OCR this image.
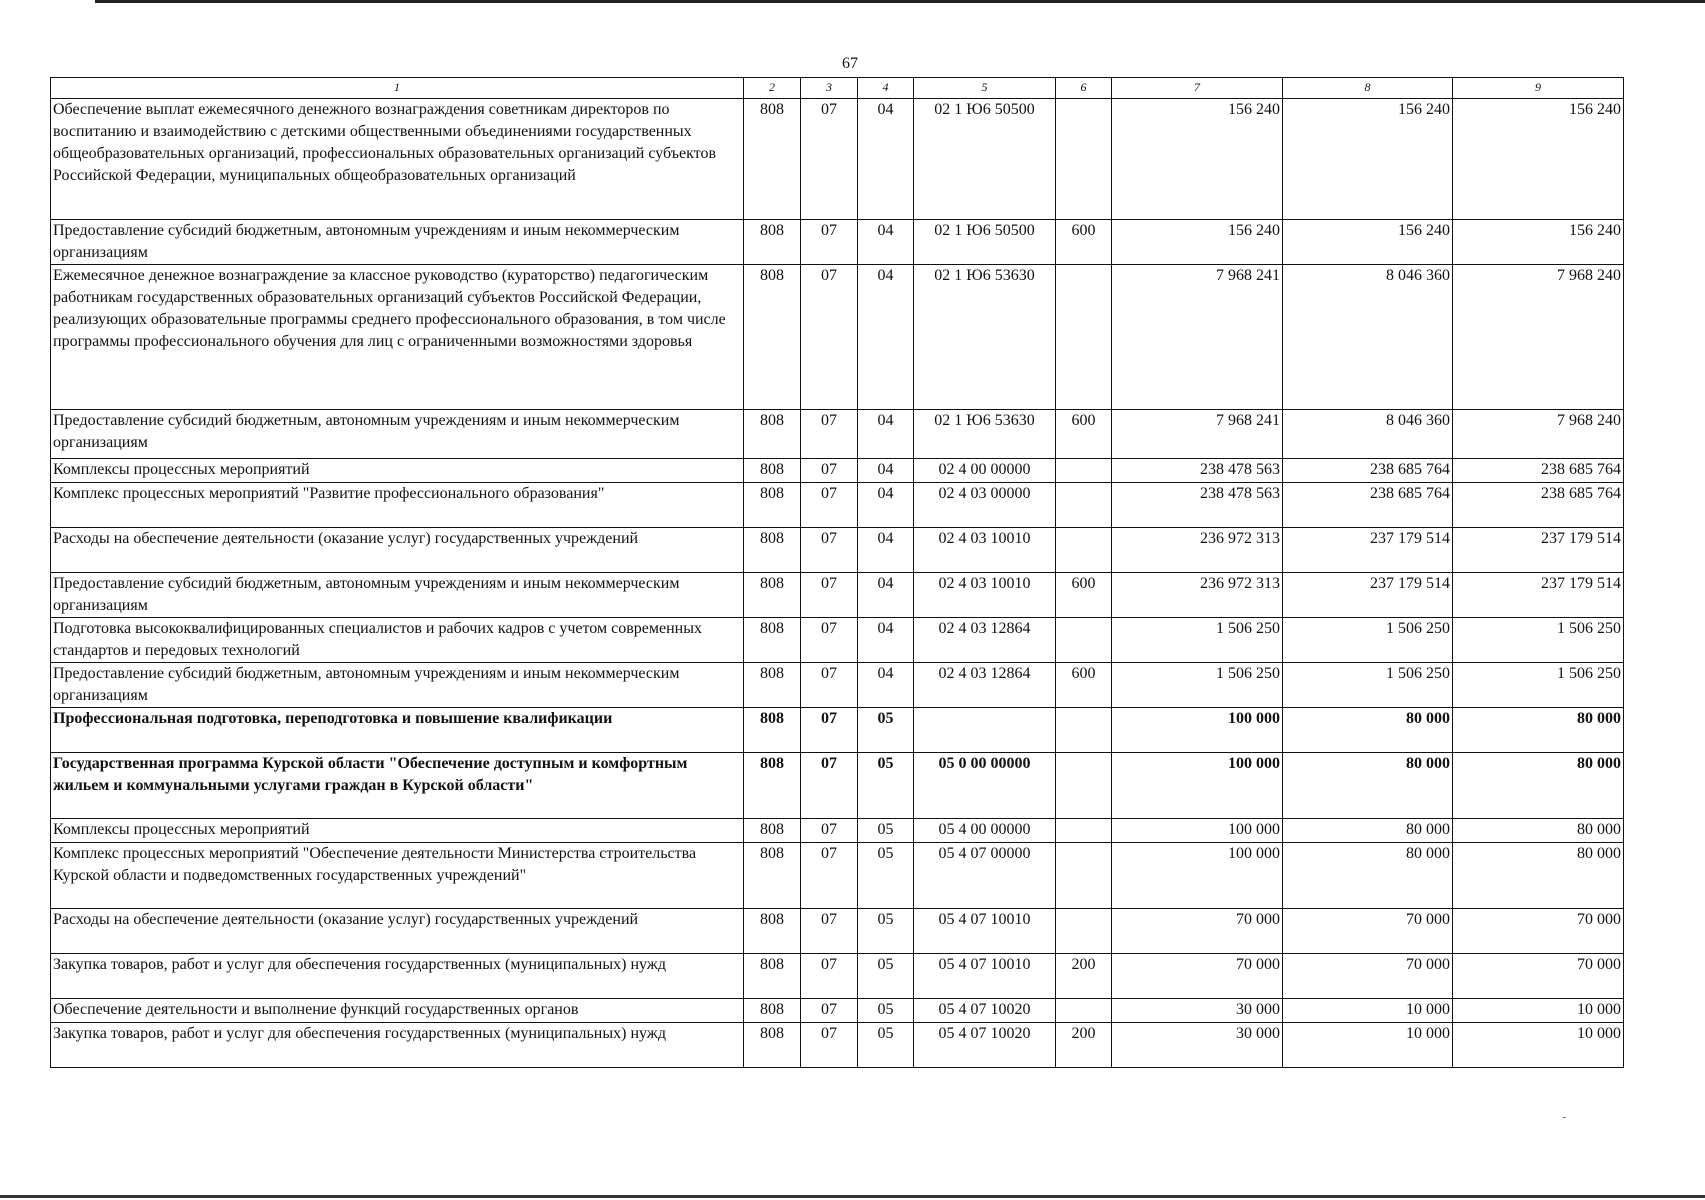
67
1	2	3	4	5	6	7	8	9
Обеспечение выплат ежемесячного денежного вознаграждения советникам директоров по воспитанию и взаимодействию с детскими общественными объединениями государственных общеобразовательных организаций, профессиональных образовательных организаций субъектов Российской Федерации, муниципальных общеобразовательных организаций	808	07	04	02 1 Ю6 50500		156 240	156 240	156 240
Предоставление субсидий бюджетным, автономным учреждениям и иным некоммерческим организациям	808	07	04	02 1 Ю6 50500	600	156 240	156 240	156 240
Ежемесячное денежное вознаграждение за классное руководство (кураторство) педагогическим работникам государственных образовательных организаций субъектов Российской Федерации, реализующих образовательные программы среднего профессионального образования, в том числе программы профессионального обучения для лиц с ограниченными возможностями здоровья	808	07	04	02 1 Ю6 53630		7 968 241	8 046 360	7 968 240
Предоставление субсидий бюджетным, автономным учреждениям и иным некоммерческим организациям	808	07	04	02 1 Ю6 53630	600	7 968 241	8 046 360	7 968 240
Комплексы процессных мероприятий	808	07	04	02 4 00 00000		238 478 563	238 685 764	238 685 764
Комплекс процессных мероприятий "Развитие профессионального образования"	808	07	04	02 4 03 00000		238 478 563	238 685 764	238 685 764
Расходы на обеспечение деятельности (оказание услуг) государственных учреждений	808	07	04	02 4 03 10010		236 972 313	237 179 514	237 179 514
Предоставление субсидий бюджетным, автономным учреждениям и иным некоммерческим организациям	808	07	04	02 4 03 10010	600	236 972 313	237 179 514	237 179 514
Подготовка высококвалифицированных специалистов и рабочих кадров с учетом современных стандартов и передовых технологий	808	07	04	02 4 03 12864		1 506 250	1 506 250	1 506 250
Предоставление субсидий бюджетным, автономным учреждениям и иным некоммерческим организациям	808	07	04	02 4 03 12864	600	1 506 250	1 506 250	1 506 250
Профессиональная подготовка, переподготовка и повышение квалификации	808	07	05			100 000	80 000	80 000
Государственная программа Курской области "Обеспечение доступным и комфортным жильем и коммунальными услугами граждан в Курской области"	808	07	05	05 0 00 00000		100 000	80 000	80 000
Комплексы процессных мероприятий	808	07	05	05 4 00 00000		100 000	80 000	80 000
Комплекс процессных мероприятий "Обеспечение деятельности Министерства строительства Курской области и подведомственных государственных учреждений"	808	07	05	05 4 07 00000		100 000	80 000	80 000
Расходы на обеспечение деятельности (оказание услуг) государственных учреждений	808	07	05	05 4 07 10010		70 000	70 000	70 000
Закупка товаров, работ и услуг для обеспечения государственных (муниципальных) нужд	808	07	05	05 4 07 10010	200	70 000	70 000	70 000
Обеспечение деятельности и выполнение функций государственных органов	808	07	05	05 4 07 10020		30 000	10 000	10 000
Закупка товаров, работ и услуг для обеспечения государственных (муниципальных) нужд	808	07	05	05 4 07 10020	200	30 000	10 000	10 000
